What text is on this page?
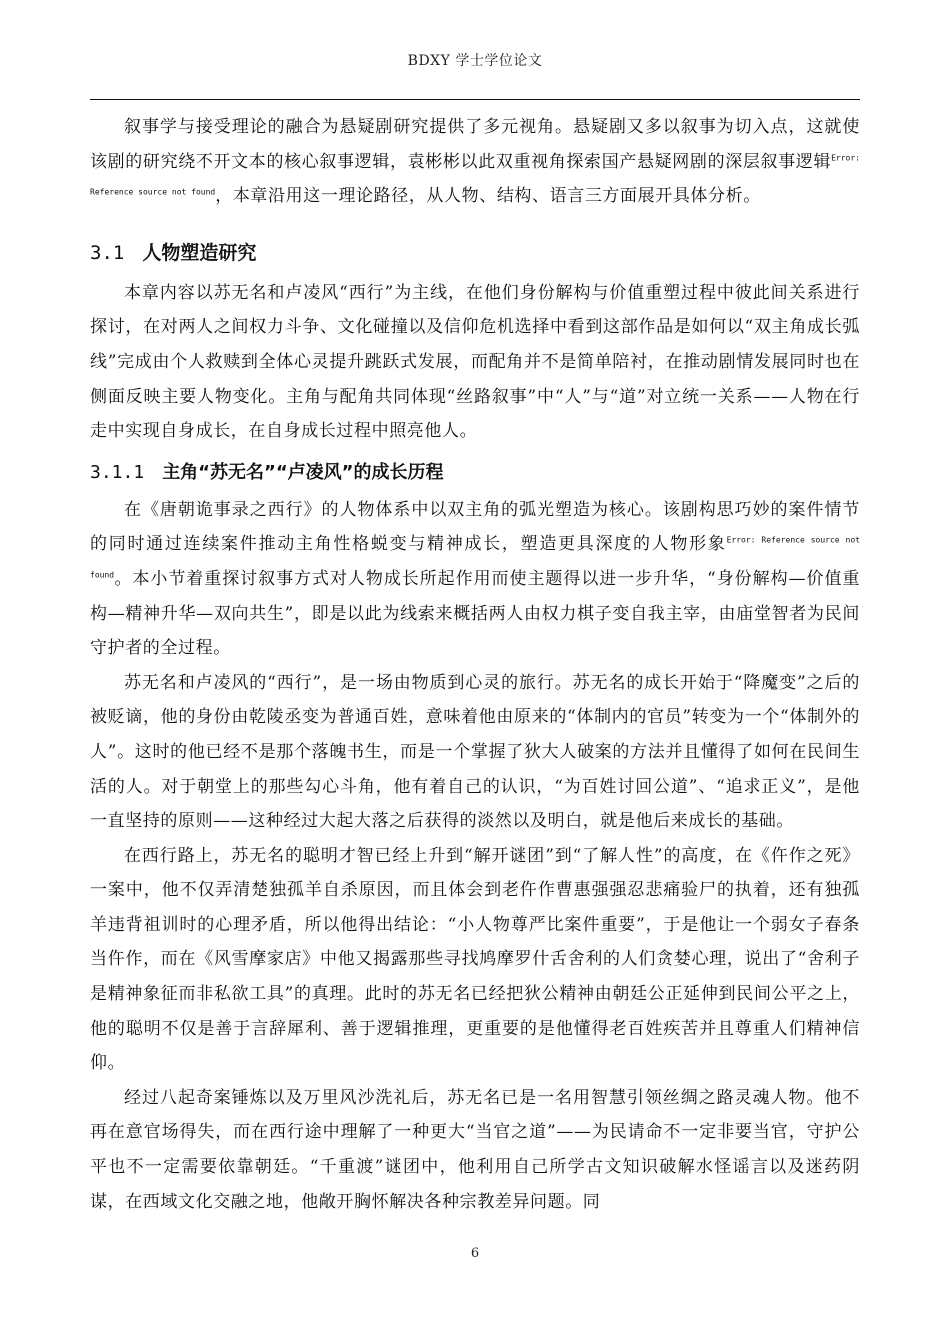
BDXY 学士学位论文

叙事学与接受理论的融合为悬疑剧研究提供了多元视角。悬疑剧又多以叙事为切入点，这就使该剧的研究绕不开文本的核心叙事逻辑，袁彬彬以此双重视角探索国产悬疑网剧的深层叙事逻辑$^{Error: Reference source not found}$，本章沿用这一理论路径，从人物、结构、语言三方面展开具体分析。

3.1 人物塑造研究

本章内容以苏无名和卢凌风“西行”为主线，在他们身份解构与价值重塑过程中彼此间关系进行探讨，在对两人之间权力斗争、文化碰撞以及信仰危机选择中看到这部作品是如何以“双主角成长弧线”完成由个人救赎到全体心灵提升跳跃式发展，而配角并不是简单陪衬，在推动剧情发展同时也在侧面反映主要人物变化。主角与配角共同体现“丝路叙事”中“人”与“道”对立统一关系——人物在行走中实现自身成长，在自身成长过程中照亮他人。

3.1.1 主角“苏无名”“卢凌风”的成长历程

在《唐朝诡事录之西行》的人物体系中以双主角的弧光塑造为核心。该剧构思巧妙的案件情节的同时通过连续案件推动主角性格蜕变与精神成长，塑造更具深度的人物形象$^{Error: Reference source not found}$。本小节着重探讨叙事方式对人物成长所起作用而使主题得以进一步升华，“身份解构—价值重构—精神升华—双向共生”，即是以此为线索来概括两人由权力棋子变自我主宰，由庙堂智者为民间守护者的全过程。

苏无名和卢凌风的“西行”，是一场由物质到心灵的旅行。苏无名的成长开始于“降魔变”之后的被贬谪，他的身份由乾陵丞变为普通百姓，意味着他由原来的“体制内的官员”转变为一个“体制外的人”。这时的他已经不是那个落魄书生，而是一个掌握了狄大人破案的方法并且懂得了如何在民间生活的人。对于朝堂上的那些勾心斗角，他有着自己的认识，“为百姓讨回公道”、“追求正义”，是他一直坚持的原则——这种经过大起大落之后获得的淡然以及明白，就是他后来成长的基础。

在西行路上，苏无名的聪明才智已经上升到“解开谜团”到“了解人性”的高度，在《仵作之死》一案中，他不仅弄清楚独孤羊自杀原因，而且体会到老仵作曹惠强强忍悲痛验尸的执着，还有独孤羊违背祖训时的心理矛盾，所以他得出结论：“小人物尊严比案件重要”，于是他让一个弱女子春条当仵作，而在《风雪摩家店》中他又揭露那些寻找鸠摩罗什舌舍利的人们贪婪心理，说出了“舍利子是精神象征而非私欲工具”的真理。此时的苏无名已经把狄公精神由朝廷公正延伸到民间公平之上，他的聪明不仅是善于言辞犀利、善于逻辑推理，更重要的是他懂得老百姓疾苦并且尊重人们精神信仰。

经过八起奇案锤炼以及万里风沙洗礼后，苏无名已是一名用智慧引领丝绸之路灵魂人物。他不再在意官场得失，而在西行途中理解了一种更大“当官之道”——为民请命不一定非要当官，守护公平也不一定需要依靠朝廷。“千重渡”谜团中，他利用自己所学古文知识破解水怪谣言以及迷药阴谋，在西域文化交融之地，他敞开胸怀解决各种宗教差异问题。同

6
